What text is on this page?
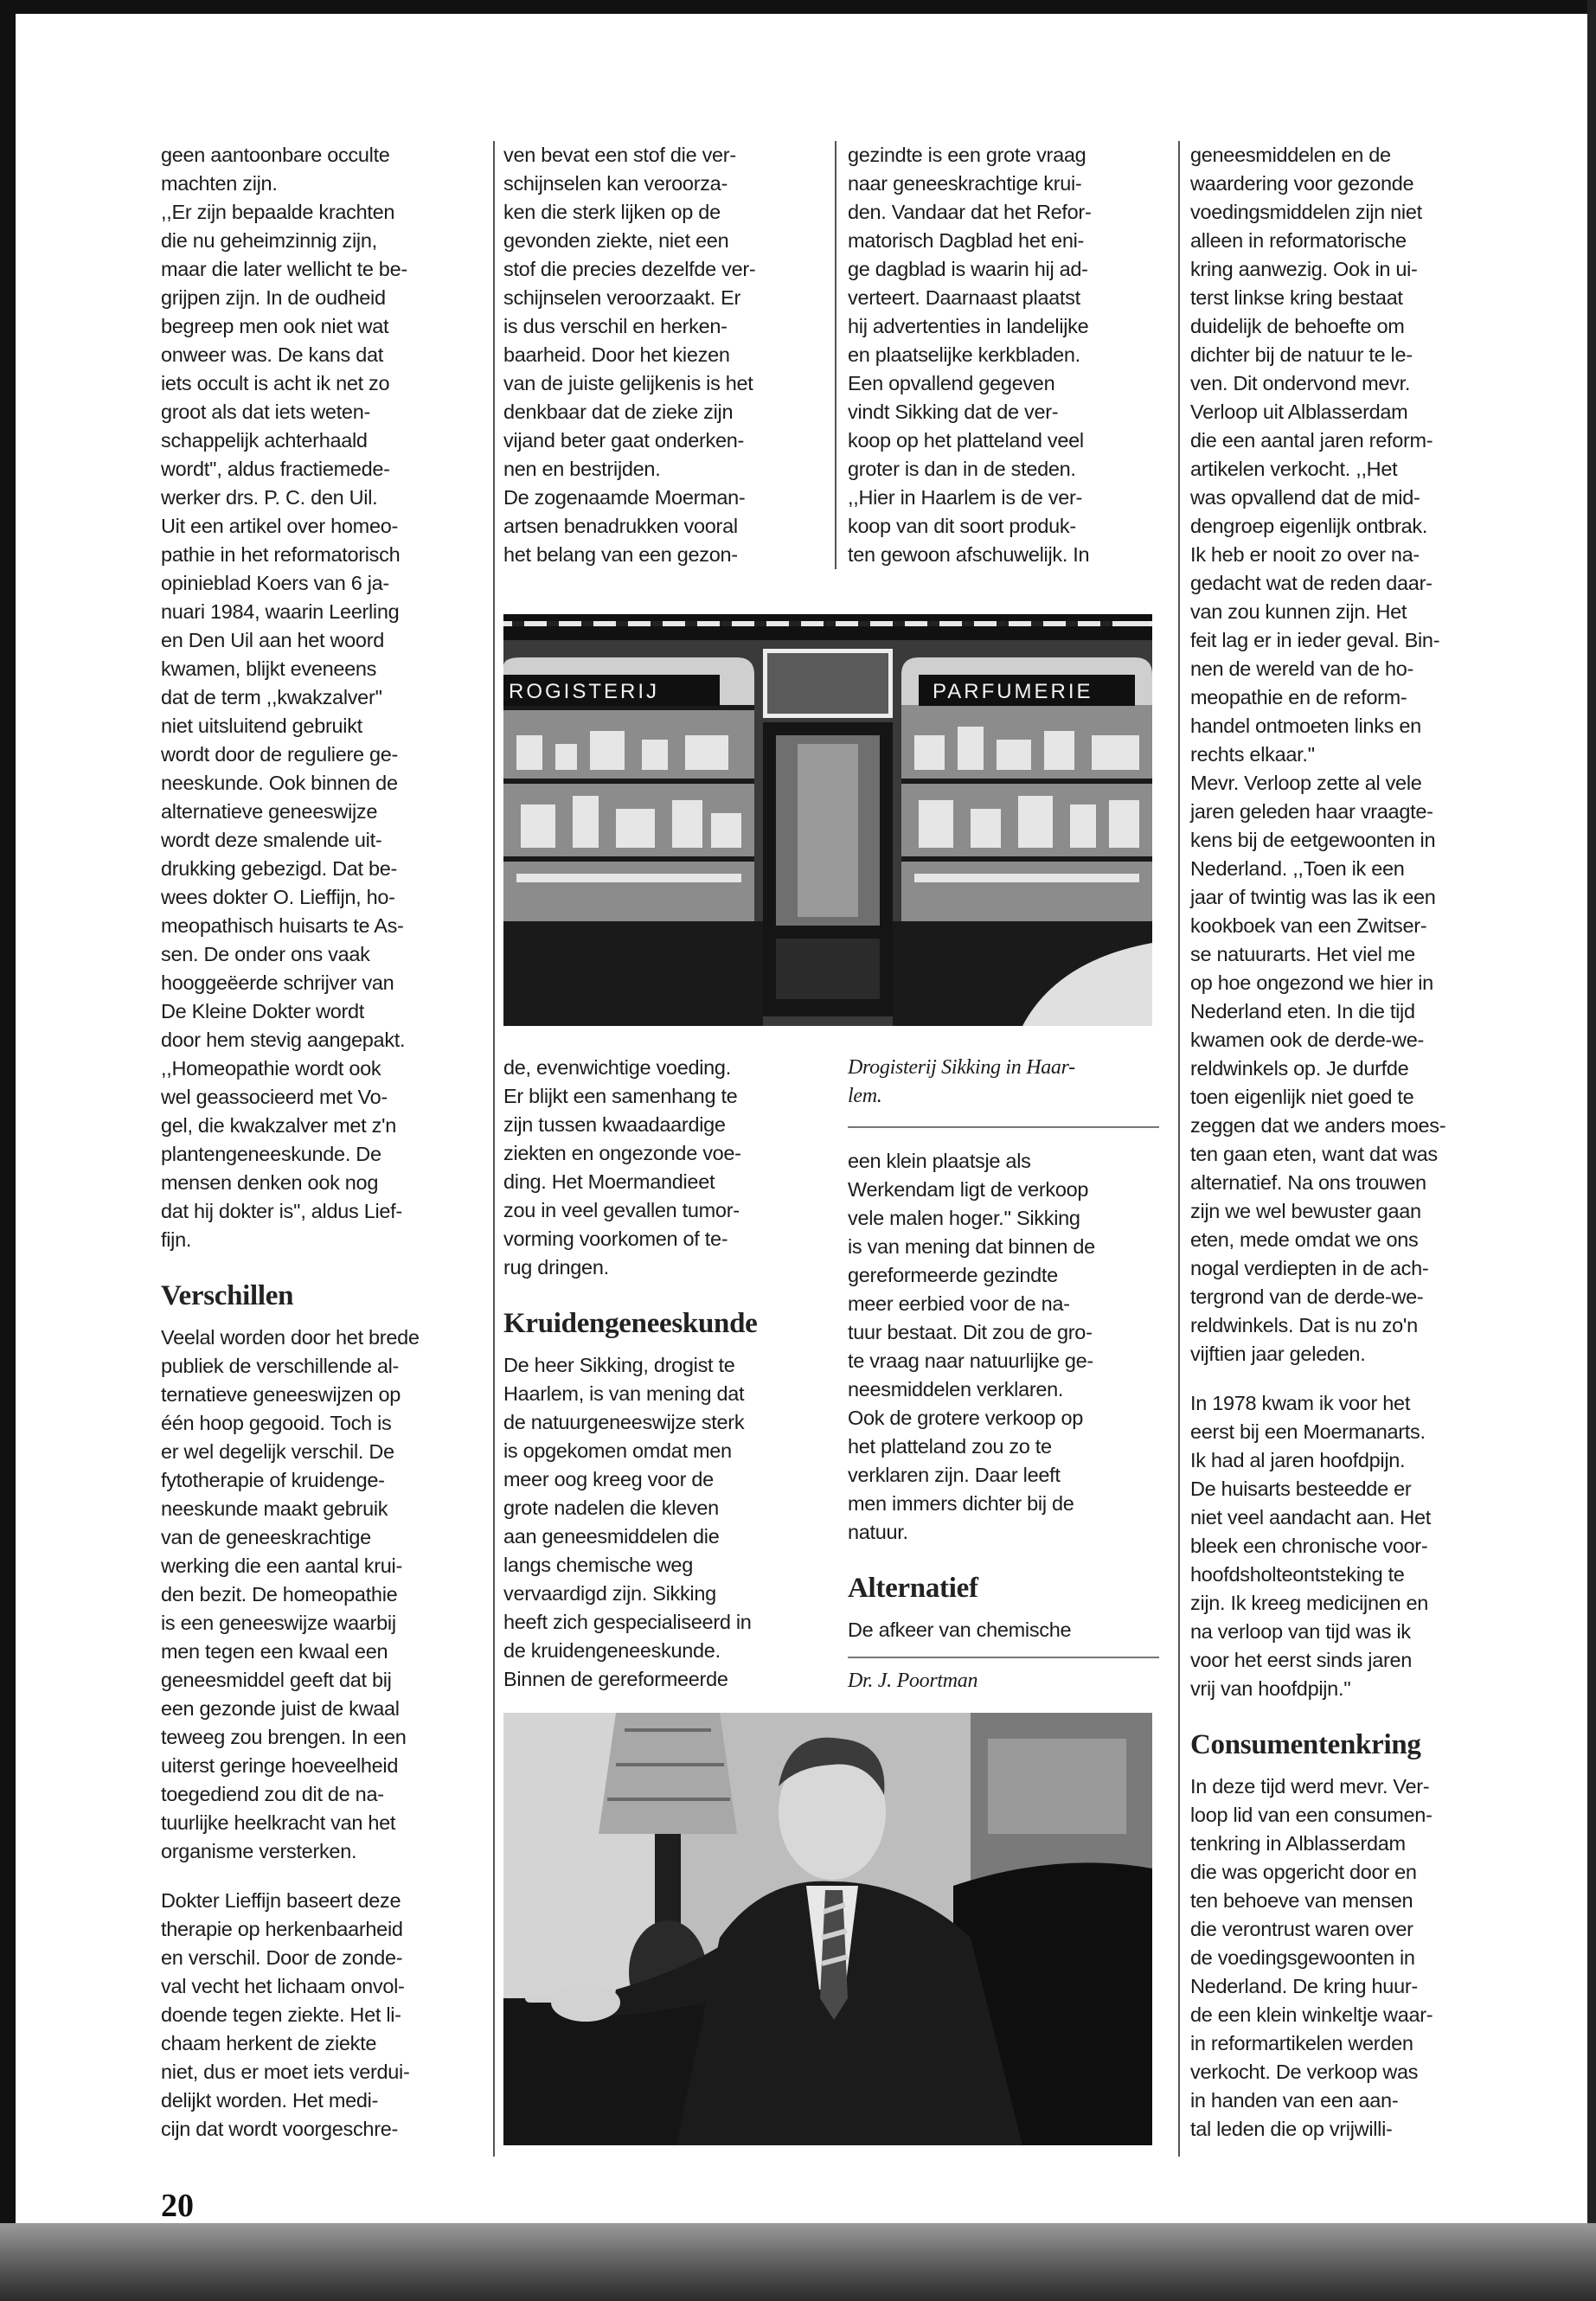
geen aantoonbare occulte
machten zijn.
,,Er zijn bepaalde krachten
die nu geheimzinnig zijn,
maar die later wellicht te be-
grijpen zijn. In de oudheid
begreep men ook niet wat
onweer was. De kans dat
iets occult is acht ik net zo
groot als dat iets weten-
schappelijk achterhaald
wordt'', aldus fractiemede-
werker drs. P. C. den Uil.
Uit een artikel over homeo-
pathie in het reformatorisch
opinieblad Koers van 6 ja-
nuari 1984, waarin Leerling
en Den Uil aan het woord
kwamen, blijkt eveneens
dat de term ,,kwakzalver''
niet uitsluitend gebruikt
wordt door de reguliere ge-
neeskunde. Ook binnen de
alternatieve geneeswijze
wordt deze smalende uit-
drukking gebezigd. Dat be-
wees dokter O. Lieffijn, ho-
meopathisch huisarts te As-
sen. De onder ons vaak
hooggeëerde schrijver van
De Kleine Dokter wordt
door hem stevig aangepakt.
,,Homeopathie wordt ook
wel geassocieerd met Vo-
gel, die kwakzalver met z'n
plantengeneeskunde. De
mensen denken ook nog
dat hij dokter is'', aldus Lief-
fijn.

Verschillen

Veelal worden door het brede
publiek de verschillende al-
ternatieve geneeswijzen op
één hoop gegooid. Toch is
er wel degelijk verschil. De
fytotherapie of kruidenge-
neeskunde maakt gebruik
van de geneeskrachtige
werking die een aantal krui-
den bezit. De homeopathie
is een geneeswijze waarbij
men tegen een kwaal een
geneesmiddel geeft dat bij
een gezonde juist de kwaal
teweeg zou brengen. In een
uiterst geringe hoeveelheid
toegediend zou dit de na-
tuurlijke heelkracht van het
organisme versterken.

Dokter Lieffijn baseert deze
therapie op herkenbaarheid
en verschil. Door de zonde-
val vecht het lichaam onvol-
doende tegen ziekte. Het li-
chaam herkent de ziekte
niet, dus er moet iets verdui-
delijkt worden. Het medi-
cijn dat wordt voorgeschre-

ven bevat een stof die ver-
schijnselen kan veroorza-
ken die sterk lijken op de
gevonden ziekte, niet een
stof die precies dezelfde ver-
schijnselen veroorzaakt. Er
is dus verschil en herken-
baarheid. Door het kiezen
van de juiste gelijkenis is het
denkbaar dat de zieke zijn
vijand beter gaat onderken-
nen en bestrijden.
De zogenaamde Moerman-
artsen benadrukken vooral
het belang van een gezon-

de, evenwichtige voeding.
Er blijkt een samenhang te
zijn tussen kwaadaardige
ziekten en ongezonde voe-
ding. Het Moermandieet
zou in veel gevallen tumor-
vorming voorkomen of te-
rug dringen.

Kruidengeneeskunde

De heer Sikking, drogist te
Haarlem, is van mening dat
de natuurgeneeswijze sterk
is opgekomen omdat men
meer oog kreeg voor de
grote nadelen die kleven
aan geneesmiddelen die
langs chemische weg
vervaardigd zijn. Sikking
heeft zich gespecialiseerd in
de kruidengeneeskunde.
Binnen de gereformeerde

gezindte is een grote vraag
naar geneeskrachtige krui-
den. Vandaar dat het Refor-
matorisch Dagblad het eni-
ge dagblad is waarin hij ad-
verteert. Daarnaast plaatst
hij advertenties in landelijke
en plaatselijke kerkbladen.
Een opvallend gegeven
vindt Sikking dat de ver-
koop op het platteland veel
groter is dan in de steden.
,,Hier in Haarlem is de ver-
koop van dit soort produk-
ten gewoon afschuwelijk. In

Drogisterij Sikking in Haar-
lem.

een klein plaatsje als
Werkendam ligt de verkoop
vele malen hoger.'' Sikking
is van mening dat binnen de
gereformeerde gezindte
meer eerbied voor de na-
tuur bestaat. Dit zou de gro-
te vraag naar natuurlijke ge-
neesmiddelen verklaren.
Ook de grotere verkoop op
het platteland zou zo te
verklaren zijn. Daar leeft
men immers dichter bij de
natuur.

Alternatief

De afkeer van chemische

Dr. J. Poortman

geneesmiddelen en de
waardering voor gezonde
voedingsmiddelen zijn niet
alleen in reformatorische
kring aanwezig. Ook in ui-
terst linkse kring bestaat
duidelijk de behoefte om
dichter bij de natuur te le-
ven. Dit ondervond mevr.
Verloop uit Alblasserdam
die een aantal jaren reform-
artikelen verkocht. ,,Het
was opvallend dat de mid-
dengroep eigenlijk ontbrak.
Ik heb er nooit zo over na-
gedacht wat de reden daar-
van zou kunnen zijn. Het
feit lag er in ieder geval. Bin-
nen de wereld van de ho-
meopathie en de reform-
handel ontmoeten links en
rechts elkaar.''
Mevr. Verloop zette al vele
jaren geleden haar vraagte-
kens bij de eetgewoonten in
Nederland. ,,Toen ik een
jaar of twintig was las ik een
kookboek van een Zwitser-
se natuurarts. Het viel me
op hoe ongezond we hier in
Nederland eten. In die tijd
kwamen ook de derde-we-
reldwinkels op. Je durfde
toen eigenlijk niet goed te
zeggen dat we anders moes-
ten gaan eten, want dat was
alternatief. Na ons trouwen
zijn we wel bewuster gaan
eten, mede omdat we ons
nogal verdiepten in de ach-
tergrond van de derde-we-
reldwinkels. Dat is nu zo'n
vijftien jaar geleden.

In 1978 kwam ik voor het
eerst bij een Moermanarts.
Ik had al jaren hoofdpijn.
De huisarts besteedde er
niet veel aandacht aan. Het
bleek een chronische voor-
hoofdsholteontsteking te
zijn. Ik kreeg medicijnen en
na verloop van tijd was ik
voor het eerst sinds jaren
vrij van hoofdpijn.''

Consumentenkring

In deze tijd werd mevr. Ver-
loop lid van een consumen-
tenkring in Alblasserdam
die was opgericht door en
ten behoeve van mensen
die verontrust waren over
de voedingsgewoonten in
Nederland. De kring huur-
de een klein winkeltje waar-
in reformartikelen werden
verkocht. De verkoop was
in handen van een aan-
tal leden die op vrijwilli-

ROGISTERIJ	PARFUMERIE
20
